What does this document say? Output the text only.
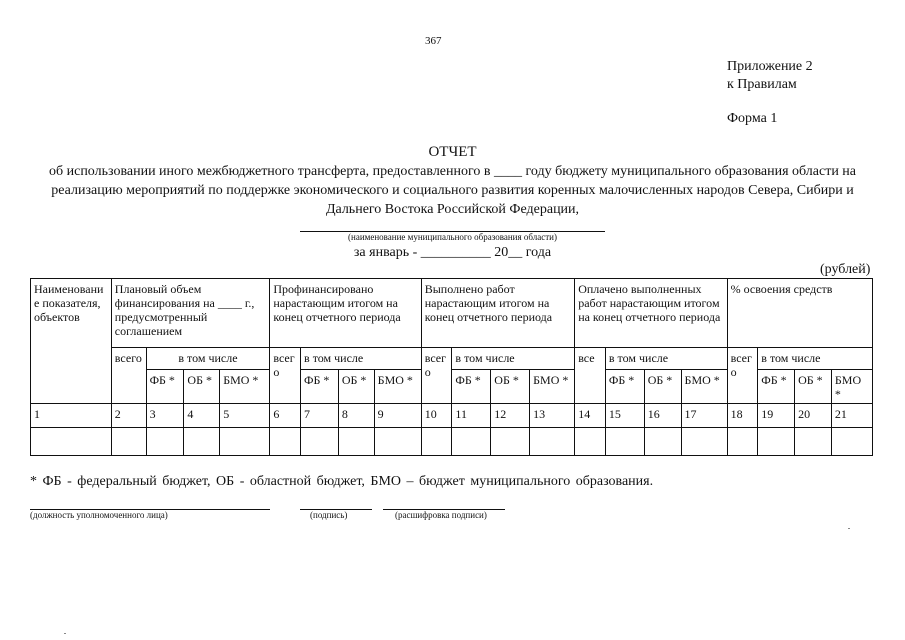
367
Приложение 2
к Правилам
Форма 1
ОТЧЕТ
об использовании иного межбюджетного трансферта, предоставленного в ____ году бюджету муниципального образования области на реализацию мероприятий по поддержке экономического и социального развития коренных малочисленных народов Севера, Сибири и Дальнего Востока Российской Федерации,
(наименование муниципального образования области)
за январь - __________ 20__ года
(рублей)
Наименование показателя, объектов	Плановый объем финансирования на ____ г., предусмотренный соглашением				Профинансировано нарастающим итогом на конец отчетного периода				Выполнено работ нарастающим итогом на конец отчетного периода				Оплачено выполненных работ нарастающим итогом на конец отчетного периода				% освоения средств			
	всего	в том числе			всего	в том числе			всего	в том числе			все	в том числе			всего	в том числе		
		ФБ *	ОБ *	БМО *		ФБ *	ОБ *	БМО *		ФБ *	ОБ *	БМО *		ФБ *	ОБ *	БМО *		ФБ *	ОБ *	БМО *
1	2	3	4	5	6	7	8	9	10	11	12	13	14	15	16	17	18	19	20	21

* ФБ - федеральный бюджет, ОБ - областной бюджет, БМО – бюджет муниципального образования.
(должность уполномоченного лица)	(подпись)	(расшифровка подписи)
